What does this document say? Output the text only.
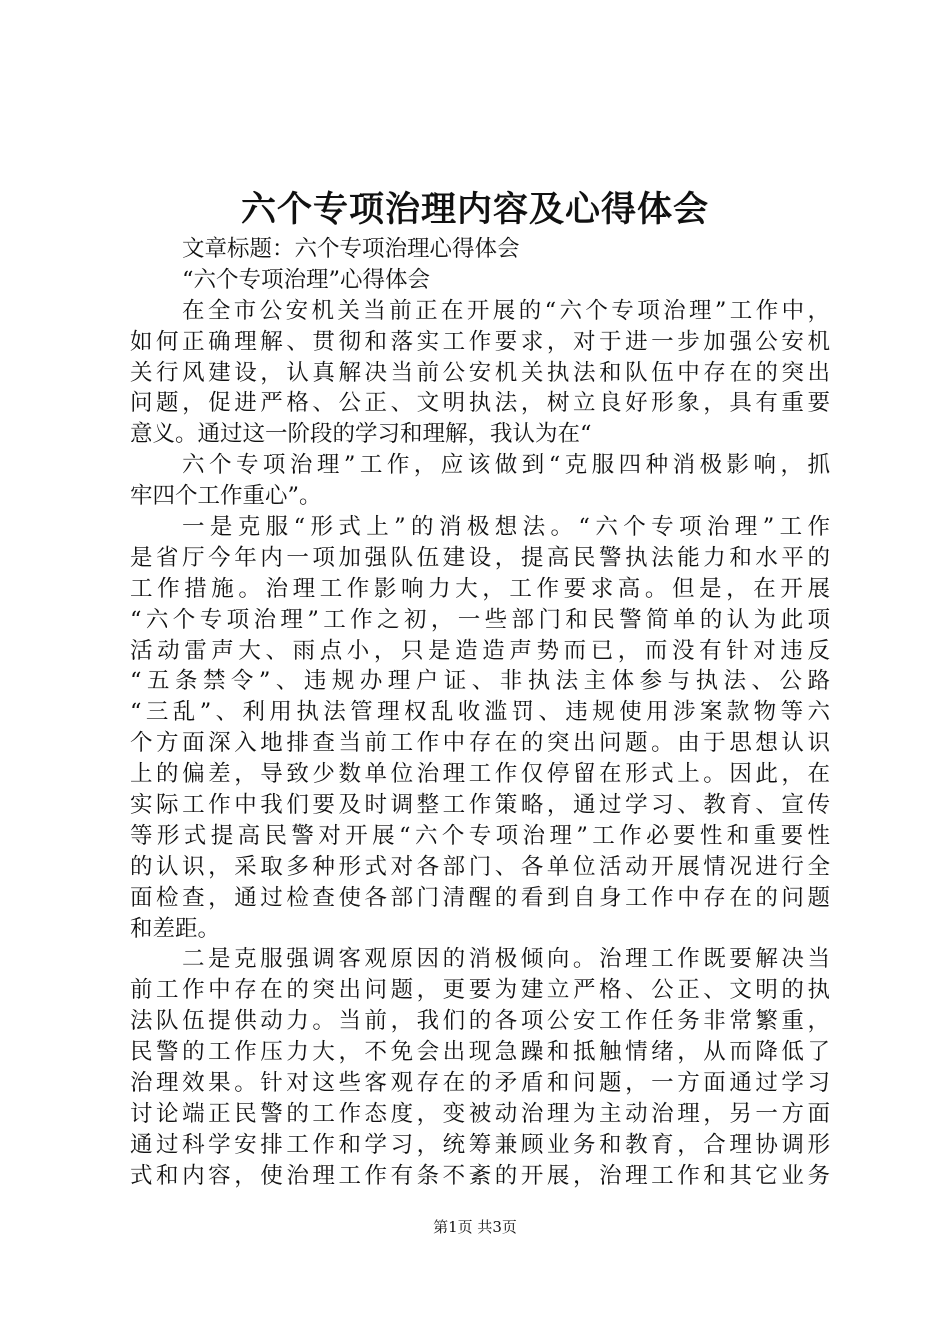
六个专项治理内容及心得体会
文章标题：六个专项治理心得体会
“六个专项治理”心得体会
在全市公安机关当前正在开展的“六个专项治理”工作中，
如何正确理解、贯彻和落实工作要求，对于进一步加强公安机
关行风建设，认真解决当前公安机关执法和队伍中存在的突出
问题，促进严格、公正、文明执法，树立良好形象，具有重要
意义。通过这一阶段的学习和理解，我认为在“
六个专项治理”工作，应该做到“克服四种消极影响，抓
牢四个工作重心”。
一是克服“形式上”的消极想法。“六个专项治理”工作
是省厅今年内一项加强队伍建设，提高民警执法能力和水平的
工作措施。治理工作影响力大，工作要求高。但是，在开展
“六个专项治理”工作之初，一些部门和民警简单的认为此项
活动雷声大、雨点小，只是造造声势而已，而没有针对违反
“五条禁令”、违规办理户证、非执法主体参与执法、公路
“三乱”、利用执法管理权乱收滥罚、违规使用涉案款物等六
个方面深入地排查当前工作中存在的突出问题。由于思想认识
上的偏差，导致少数单位治理工作仅停留在形式上。因此，在
实际工作中我们要及时调整工作策略，通过学习、教育、宣传
等形式提高民警对开展“六个专项治理”工作必要性和重要性
的认识，采取多种形式对各部门、各单位活动开展情况进行全
面检查，通过检查使各部门清醒的看到自身工作中存在的问题
和差距。
二是克服强调客观原因的消极倾向。治理工作既要解决当
前工作中存在的突出问题，更要为建立严格、公正、文明的执
法队伍提供动力。当前，我们的各项公安工作任务非常繁重，
民警的工作压力大，不免会出现急躁和抵触情绪，从而降低了
治理效果。针对这些客观存在的矛盾和问题，一方面通过学习
讨论端正民警的工作态度，变被动治理为主动治理，另一方面
通过科学安排工作和学习，统筹兼顾业务和教育，合理协调形
式和内容，使治理工作有条不紊的开展，治理工作和其它业务
第1页 共3页
